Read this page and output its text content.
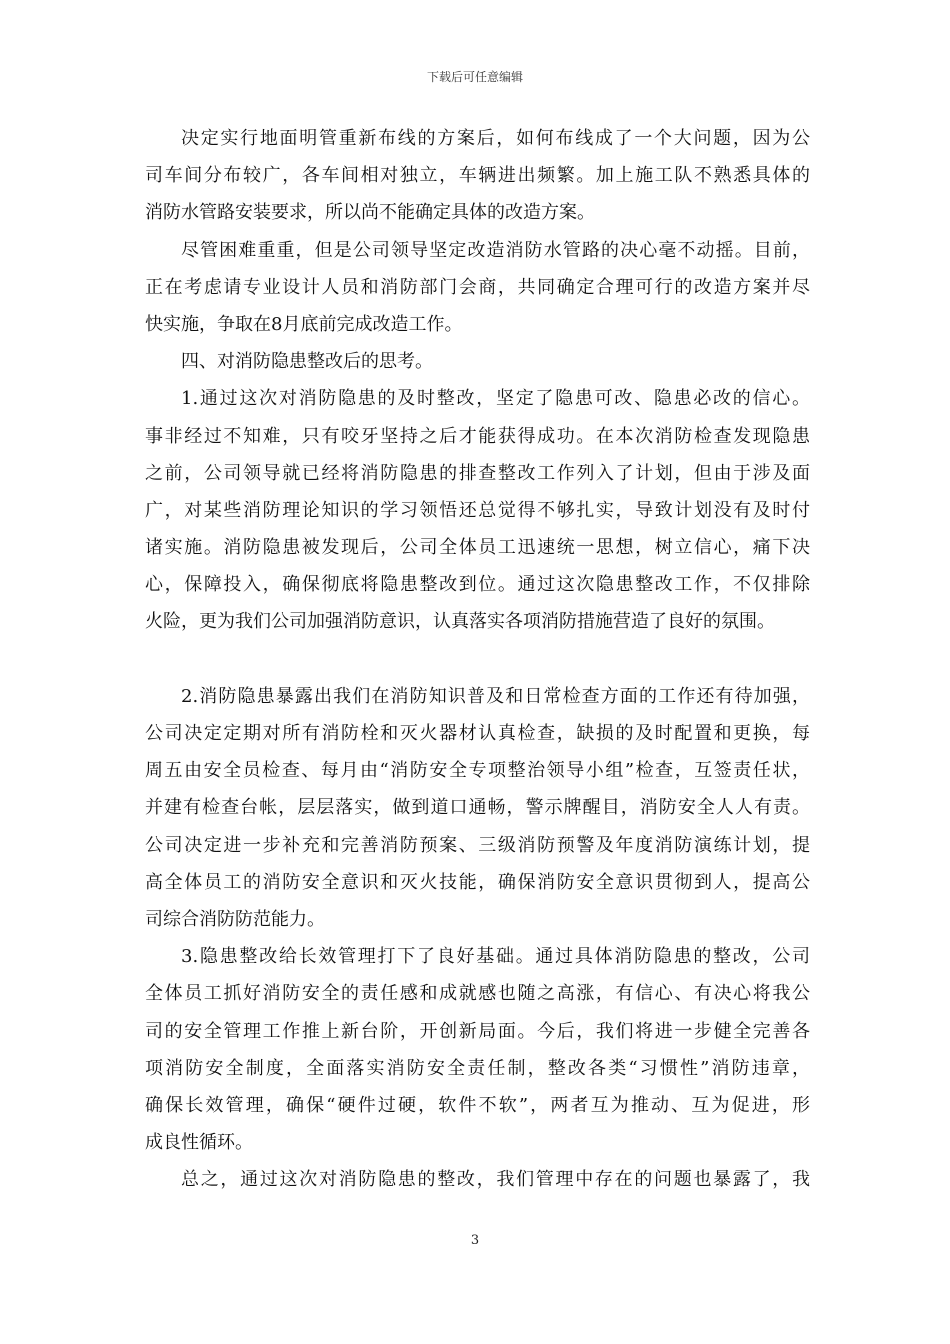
下载后可任意编辑
决定实行地面明管重新布线的方案后，如何布线成了一个大问题，因为公
司车间分布较广，各车间相对独立，车辆进出频繁。加上施工队不熟悉具体的
消防水管路安装要求，所以尚不能确定具体的改造方案。
尽管困难重重，但是公司领导坚定改造消防水管路的决心毫不动摇。目前，
正在考虑请专业设计人员和消防部门会商，共同确定合理可行的改造方案并尽
快实施，争取在8月底前完成改造工作。
四、对消防隐患整改后的思考。
1.通过这次对消防隐患的及时整改，坚定了隐患可改、隐患必改的信心。
事非经过不知难，只有咬牙坚持之后才能获得成功。在本次消防检查发现隐患
之前，公司领导就已经将消防隐患的排查整改工作列入了计划，但由于涉及面
广，对某些消防理论知识的学习领悟还总觉得不够扎实，导致计划没有及时付
诸实施。消防隐患被发现后，公司全体员工迅速统一思想，树立信心，痛下决
心，保障投入，确保彻底将隐患整改到位。通过这次隐患整改工作，不仅排除
火险，更为我们公司加强消防意识，认真落实各项消防措施营造了良好的氛围。
2.消防隐患暴露出我们在消防知识普及和日常检查方面的工作还有待加强，
公司决定定期对所有消防栓和灭火器材认真检查，缺损的及时配置和更换，每
周五由安全员检查、每月由“消防安全专项整治领导小组”检查，互签责任状，
并建有检查台帐，层层落实，做到道口通畅，警示牌醒目，消防安全人人有责。
公司决定进一步补充和完善消防预案、三级消防预警及年度消防演练计划，提
高全体员工的消防安全意识和灭火技能，确保消防安全意识贯彻到人，提高公
司综合消防防范能力。
3.隐患整改给长效管理打下了良好基础。通过具体消防隐患的整改，公司
全体员工抓好消防安全的责任感和成就感也随之高涨，有信心、有决心将我公
司的安全管理工作推上新台阶，开创新局面。今后，我们将进一步健全完善各
项消防安全制度，全面落实消防安全责任制，整改各类“习惯性”消防违章，
确保长效管理，确保“硬件过硬，软件不软”，两者互为推动、互为促进，形
成良性循环。
总之，通过这次对消防隐患的整改，我们管理中存在的问题也暴露了，我
3
